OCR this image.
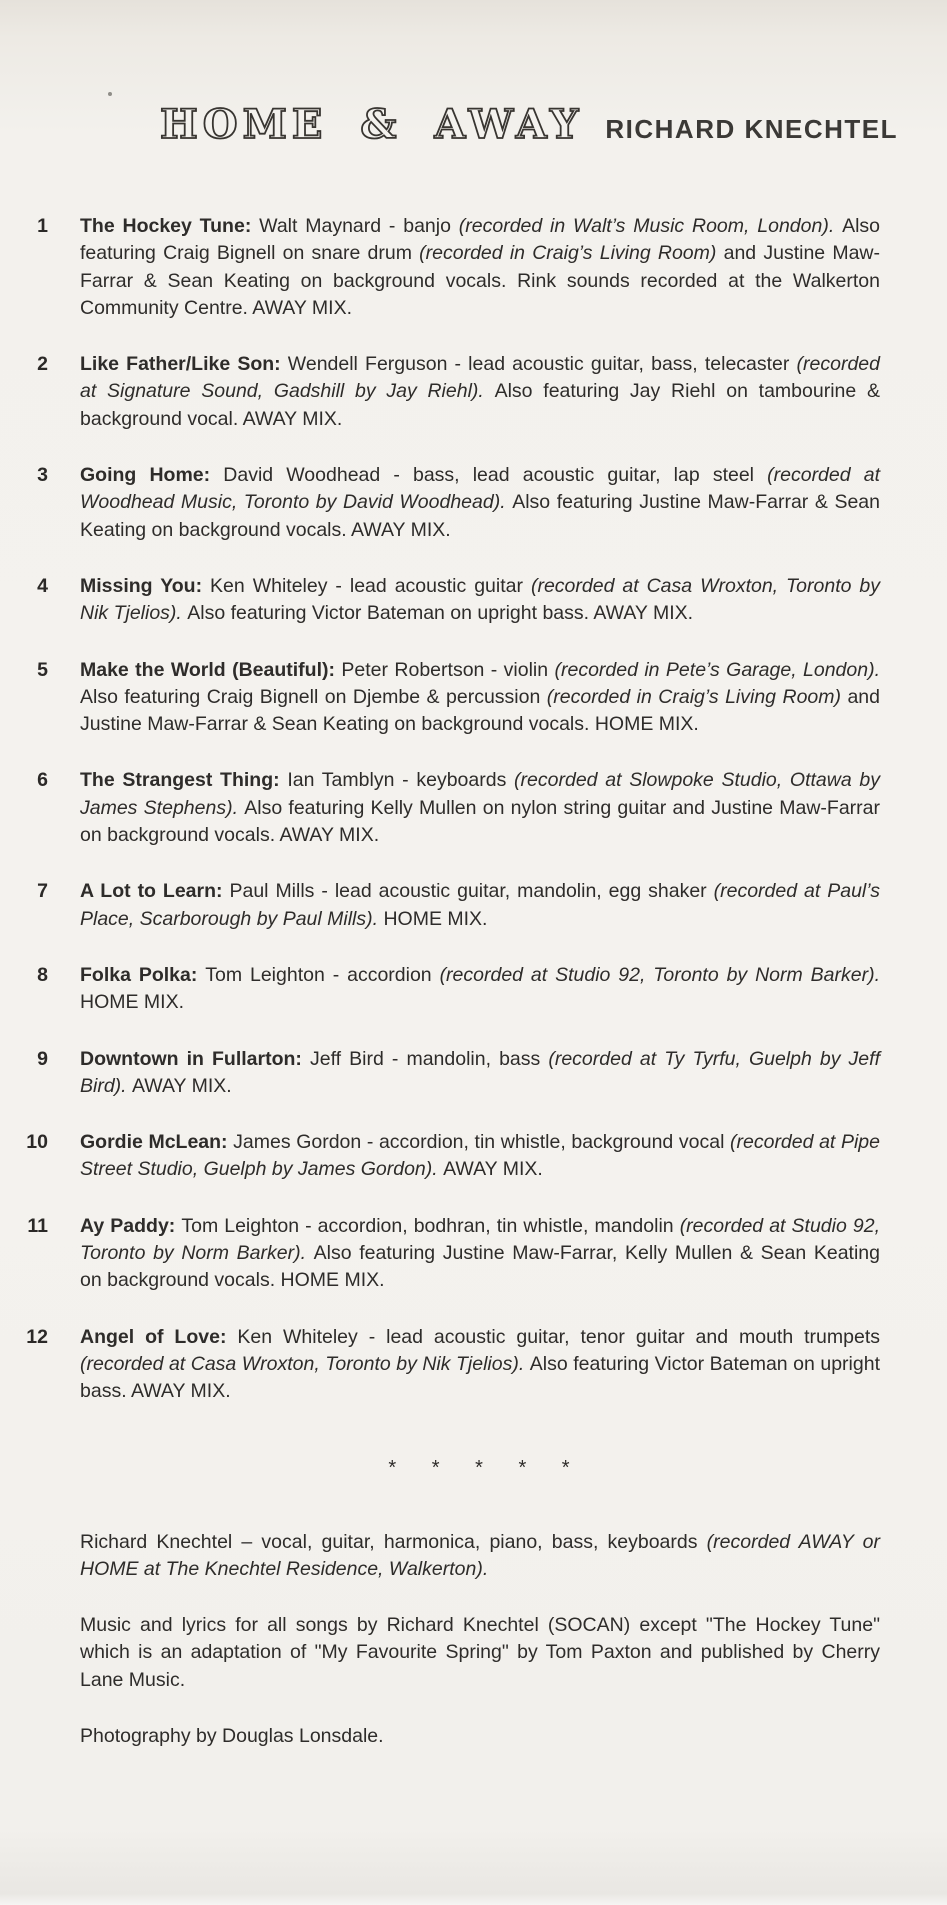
HOME & AWAY RICHARD KNECHTEL
1 The Hockey Tune: Walt Maynard - banjo (recorded in Walt’s Music Room, London). Also featuring Craig Bignell on snare drum (recorded in Craig’s Living Room) and Justine Maw-Farrar & Sean Keating on background vocals. Rink sounds recorded at the Walkerton Community Centre. AWAY MIX.

2 Like Father/Like Son: Wendell Ferguson - lead acoustic guitar, bass, telecaster (recorded at Signature Sound, Gadshill by Jay Riehl). Also featuring Jay Riehl on tambourine & background vocal. AWAY MIX.

3 Going Home: David Woodhead - bass, lead acoustic guitar, lap steel (recorded at Woodhead Music, Toronto by David Woodhead). Also featuring Justine Maw-Farrar & Sean Keating on background vocals. AWAY MIX.

4 Missing You: Ken Whiteley - lead acoustic guitar (recorded at Casa Wroxton, Toronto by Nik Tjelios). Also featuring Victor Bateman on upright bass. AWAY MIX.

5 Make the World (Beautiful): Peter Robertson - violin (recorded in Pete’s Garage, London). Also featuring Craig Bignell on Djembe & percussion (recorded in Craig’s Living Room) and Justine Maw-Farrar & Sean Keating on background vocals. HOME MIX.

6 The Strangest Thing: Ian Tamblyn - keyboards (recorded at Slowpoke Studio, Ottawa by James Stephens). Also featuring Kelly Mullen on nylon string guitar and Justine Maw-Farrar on background vocals. AWAY MIX.

7 A Lot to Learn: Paul Mills - lead acoustic guitar, mandolin, egg shaker (recorded at Paul’s Place, Scarborough by Paul Mills). HOME MIX.

8 Folka Polka: Tom Leighton - accordion (recorded at Studio 92, Toronto by Norm Barker). HOME MIX.

9 Downtown in Fullarton: Jeff Bird - mandolin, bass (recorded at Ty Tyrfu, Guelph by Jeff Bird). AWAY MIX.

10 Gordie McLean: James Gordon - accordion, tin whistle, background vocal (recorded at Pipe Street Studio, Guelph by James Gordon). AWAY MIX.

11 Ay Paddy: Tom Leighton - accordion, bodhran, tin whistle, mandolin (recorded at Studio 92, Toronto by Norm Barker). Also featuring Justine Maw-Farrar, Kelly Mullen & Sean Keating on background vocals. HOME MIX.

12 Angel of Love: Ken Whiteley - lead acoustic guitar, tenor guitar and mouth trumpets (recorded at Casa Wroxton, Toronto by Nik Tjelios). Also featuring Victor Bateman on upright bass. AWAY MIX.

* * * * *

Richard Knechtel – vocal, guitar, harmonica, piano, bass, keyboards (recorded AWAY or HOME at The Knechtel Residence, Walkerton).

Music and lyrics for all songs by Richard Knechtel (SOCAN) except "The Hockey Tune" which is an adaptation of "My Favourite Spring" by Tom Paxton and published by Cherry Lane Music.

Photography by Douglas Lonsdale.
